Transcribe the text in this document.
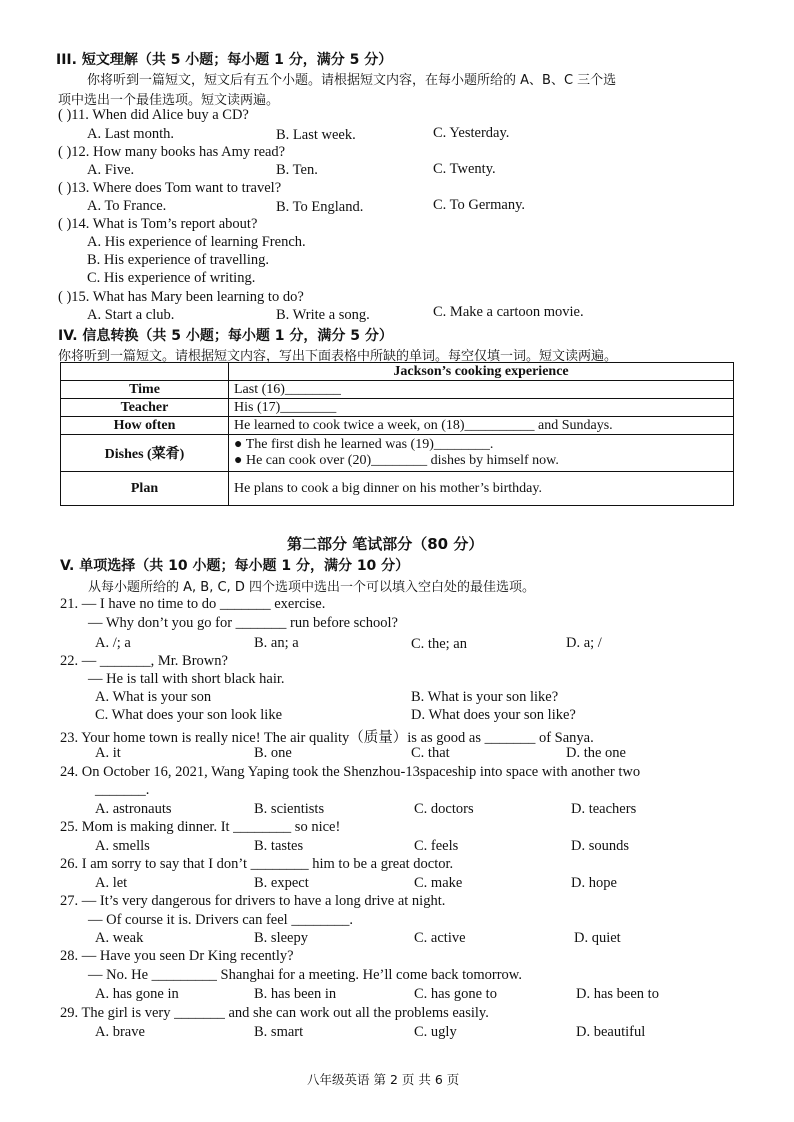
III. 短文理解（共 5 小题；每小题 1 分，满分 5 分）
你将听到一篇短文，短文后有五个小题。请根据短文内容，在每小题所给的 A、B、C 三个选
项中选出一个最佳选项。短文读两遍。
( )11. When did Alice buy a CD?
A. Last month.	B. Last week.	C. Yesterday.
( )12. How many books has Amy read?
A. Five.	B. Ten.	C. Twenty.
( )13. Where does Tom want to travel?
A. To France.	B. To England.	C. To Germany.
( )14. What is Tom’s report about?
A. His experience of learning French.
B. His experience of travelling.
C. His experience of writing.
( )15. What has Mary been learning to do?
A. Start a club.	B. Write a song.	C. Make a cartoon movie.
IV. 信息转换（共 5 小题；每小题 1 分，满分 5 分）
你将听到一篇短文。请根据短文内容，写出下面表格中所缺的单词。每空仅填一词。短文读两遍。
	Jackson’s cooking experience
Time	Last (16)________
Teacher	His (17)________
How often	He learned to cook twice a week, on (18)__________ and Sundays.
Dishes (菜肴)	● The first dish he learned was (19)________.
● He can cook over (20)________ dishes by himself now.

Plan	He plans to cook a big dinner on his mother’s birthday.
第二部分 笔试部分（80 分）
V. 单项选择（共 10 小题；每小题 1 分，满分 10 分）
从每小题所给的 A, B, C, D 四个选项中选出一个可以填入空白处的最佳选项。
21. — I have no time to do _______ exercise.
— Why don’t you go for _______ run before school?
A. /; a	B. an; a	C. the; an	D. a; /
22. — _______, Mr. Brown?
— He is tall with short black hair.
A. What is your son	B. What is your son like?
C. What does your son look like	D. What does your son like?
23. Your home town is really nice! The air quality（质量）is as good as _______ of Sanya.
A. it	B. one	C. that	D. the one
24. On October 16, 2021, Wang Yaping took the Shenzhou-13spaceship into space with another two
_______.
A. astronauts	B. scientists	C. doctors	D. teachers
25. Mom is making dinner. It ________ so nice!
A. smells	B. tastes	C. feels	D. sounds
26. I am sorry to say that I don’t ________ him to be a great doctor.
A. let	B. expect	C. make	D. hope
27. — It’s very dangerous for drivers to have a long drive at night.
— Of course it is. Drivers can feel ________.
A. weak	B. sleepy	C. active	D. quiet
28. — Have you seen Dr King recently?
— No. He _________ Shanghai for a meeting. He’ll come back tomorrow.
A. has gone in	B. has been in	C. has gone to	D. has been to
29. The girl is very _______ and she can work out all the problems easily.
A. brave	B. smart	C. ugly	D. beautiful
八年级英语 第 2 页 共 6 页
